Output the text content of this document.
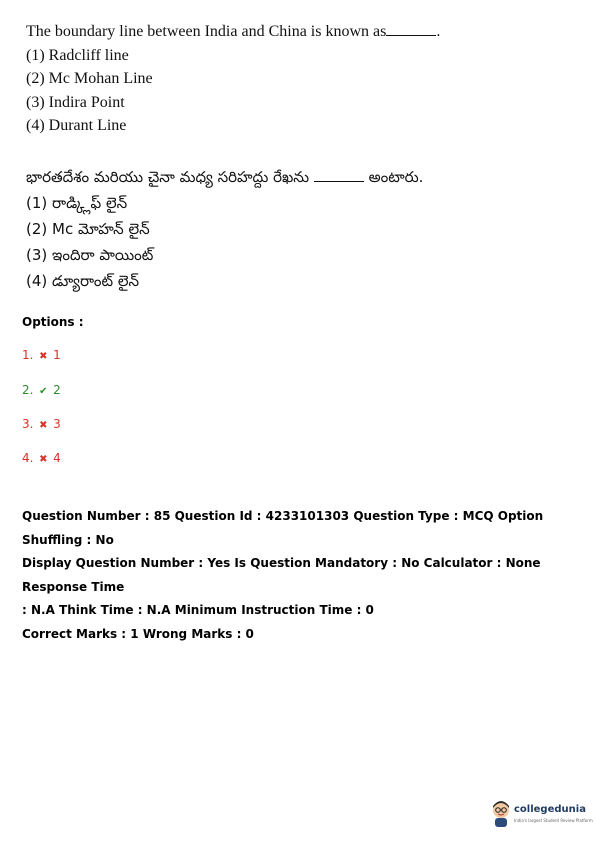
The boundary line between India and China is known as	.
(1) Radcliff line
(2) Mc Mohan Line
(3) Indira Point
(4) Durant Line
భారతదేశం మరియు చైనా మధ్య సరిహద్దు రేఖను	అంటారు.
(1) రాడ్క్లిఫ్ లైన్
(2) Mc మోహన్ లైన్
(3) ఇందిరా పాయింట్
(4) డ్యూరాంట్ లైన్
Options :
1. ✖ 1
2. ✔ 2
3. ✖ 3
4. ✖ 4
Question Number : 85 Question Id : 4233101303 Question Type : MCQ Option Shuffling : No
Display Question Number : Yes Is Question Mandatory : No Calculator : None Response Time
: N.A Think Time : N.A Minimum Instruction Time : 0
Correct Marks : 1 Wrong Marks : 0
collegedunia
India's largest Student Review Platform
